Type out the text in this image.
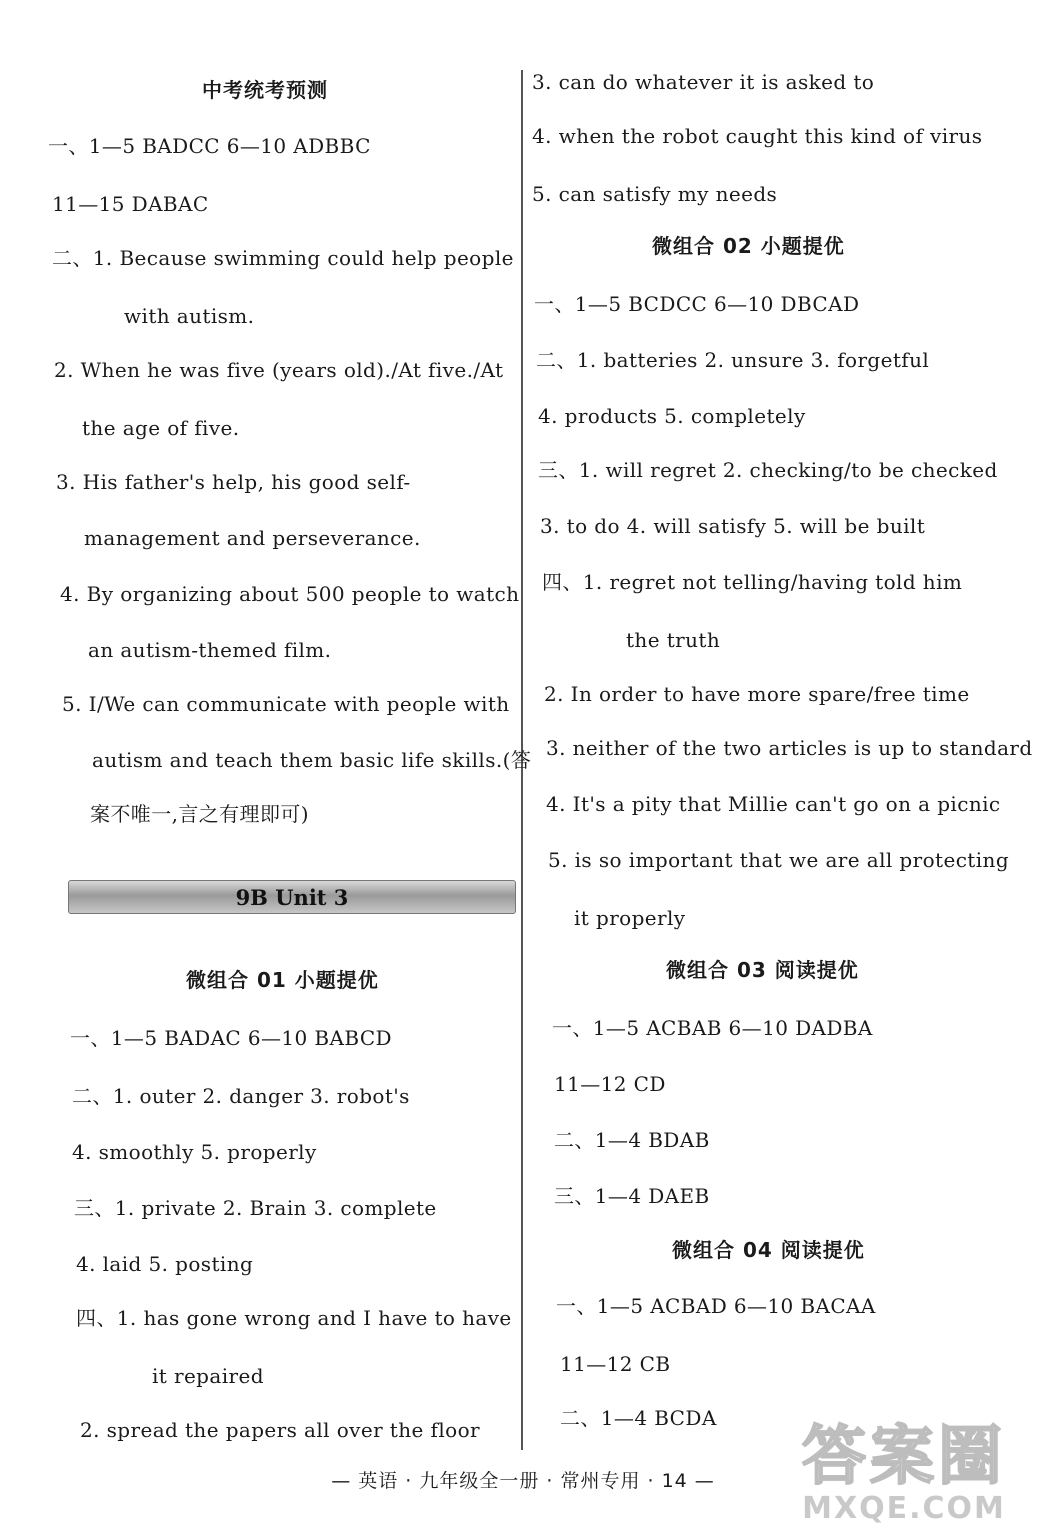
中考统考预测
一、1—5 BADCC 6—10 ADBBC
11—15 DABAC
二、1. Because swimming could help people
with autism.
2. When he was five (years old)./At five./At
the age of five.
3. His father's help, his good self-
management and perseverance.
4. By organizing about 500 people to watch
an autism-themed film.
5. I/We can communicate with people with
autism and teach them basic life skills.(答
案不唯一,言之有理即可)
9B Unit 3
微组合 01 小题提优
一、1—5 BADAC 6—10 BABCD
二、1. outer 2. danger 3. robot's
4. smoothly 5. properly
三、1. private 2. Brain 3. complete
4. laid 5. posting
四、1. has gone wrong and I have to have
it repaired
2. spread the papers all over the floor
3. can do whatever it is asked to
4. when the robot caught this kind of virus
5. can satisfy my needs
微组合 02 小题提优
一、1—5 BCDCC 6—10 DBCAD
二、1. batteries 2. unsure 3. forgetful
4. products 5. completely
三、1. will regret 2. checking/to be checked
3. to do 4. will satisfy 5. will be built
四、1. regret not telling/having told him
the truth
2. In order to have more spare/free time
3. neither of the two articles is up to standard
4. It's a pity that Millie can't go on a picnic
5. is so important that we are all protecting
it properly
微组合 03 阅读提优
一、1—5 ACBAB 6—10 DADBA
11—12 CD
二、1—4 BDAB
三、1—4 DAEB
微组合 04 阅读提优
一、1—5 ACBAD 6—10 BACAA
11—12 CB
二、1—4 BCDA
— 英语 · 九年级全一册 · 常州专用 · 14 —	答案圈
MXQE.COM
